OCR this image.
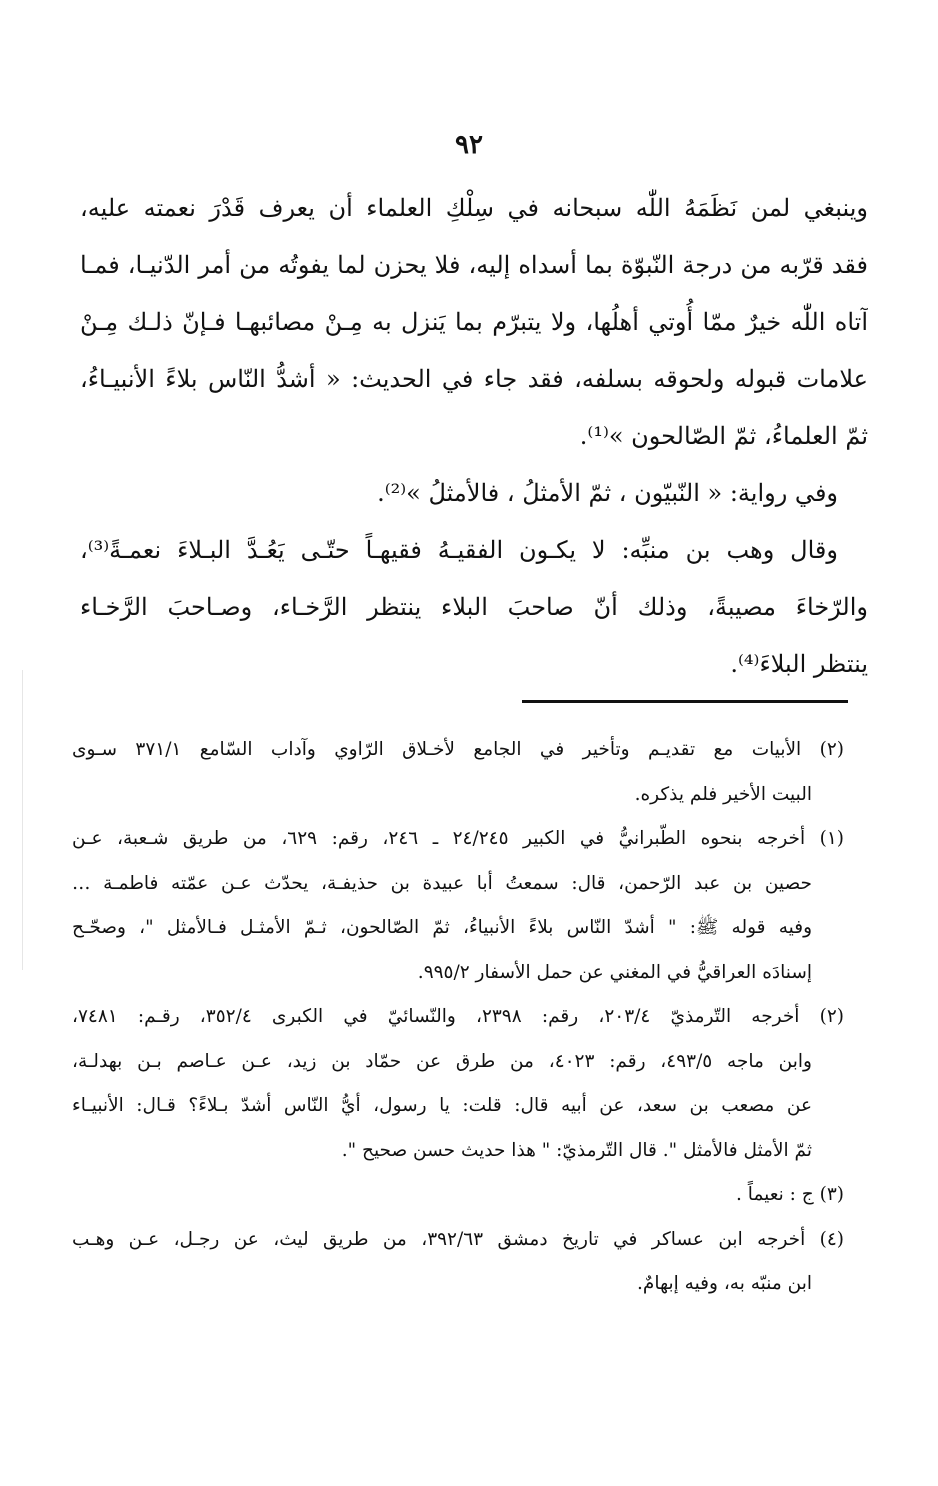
٩٢
وينبغي لمن نَظَمَهُ اللّٰه سبحانه في سِلْكِ العلماء أن يعرف قَدْرَ نعمته عليه،
فقد قرّبه من درجة النّبوّة بما أسداه إليه، فلا يحزن لما يفوتُه من أمر الدّنيـا، فمـا
آتاه اللّٰه خيرٌ ممّا أُوتي أهلُها، ولا يتبرّم بما يَنزل به مِـنْ مصائبهـا فـإنّ ذلـك مِـنْ
علامات قبوله ولحوقه بسلفه، فقد جاء في الحديث: « أشدُّ النّاس بلاءً الأنبيـاءُ،
ثمّ العلماءُ، ثمّ الصّالحون »⁽¹⁾.
وفي رواية: « النّبيّون ، ثمّ الأمثلُ ، فالأمثلُ »⁽²⁾.
وقال وهب بن منبِّه: لا يكـون الفقيـهُ فقيهـاً حتّـى يَعُـدَّ البـلاءَ نعمـةً⁽³⁾،
والرّخاءَ مصيبةً، وذلك أنّ صاحبَ البلاء ينتظر الرَّخـاء، وصـاحبَ الرَّخـاء
ينتظر البلاءَ⁽⁴⁾.
(٢) الأبيات مع تقديـم وتأخير في الجامع لأخـلاق الرّاوي وآداب السّامع ٣٧١/١ سـوى
البيت الأخير فلم يذكره.
(١) أخرجه بنحوه الطّبرانيُّ في الكبير ٢٤/٢٤٥ ـ ٢٤٦، رقم: ٦٢٩، من طريق شـعبة، عـن
حصين بن عبد الرّحمن، قال: سمعتُ أبا عبيدة بن حذيفـة، يحدّث عـن عمّته فاطمـة …
وفيه قوله ﷺ: " أشدّ النّاس بلاءً الأنبياءُ، ثمّ الصّالحون، ثـمّ الأمثـل فـالأمثل "، وصحّـح
إسنادَه العراقيُّ في المغني عن حمل الأسفار ٩٩٥/٢.
(٢) أخرجه التّرمذيّ ٢٠٣/٤، رقم: ٢٣٩٨، والنّسائيّ في الكبرى ٣٥٢/٤، رقـم: ٧٤٨١،
وابن ماجه ٤٩٣/٥، رقم: ٤٠٢٣، من طرق عن حمّاد بن زيد، عـن عـاصم بـن بهدلـة،
عن مصعب بن سعد، عن أبيه قال: قلت: يا رسول، أيُّ النّاس أشدّ بـلاءً؟ قـال: الأنبيـاء
ثمّ الأمثل فالأمثل ". قال التّرمذيّ: " هذا حديث حسن صحيح ".
(٣) ج : نعيماً .
(٤) أخرجه ابن عساكر في تاريخ دمشق ٣٩٢/٦٣، من طريق ليث، عن رجـل، عـن وهـب
ابن منبّه به، وفيه إبهامٌ.
